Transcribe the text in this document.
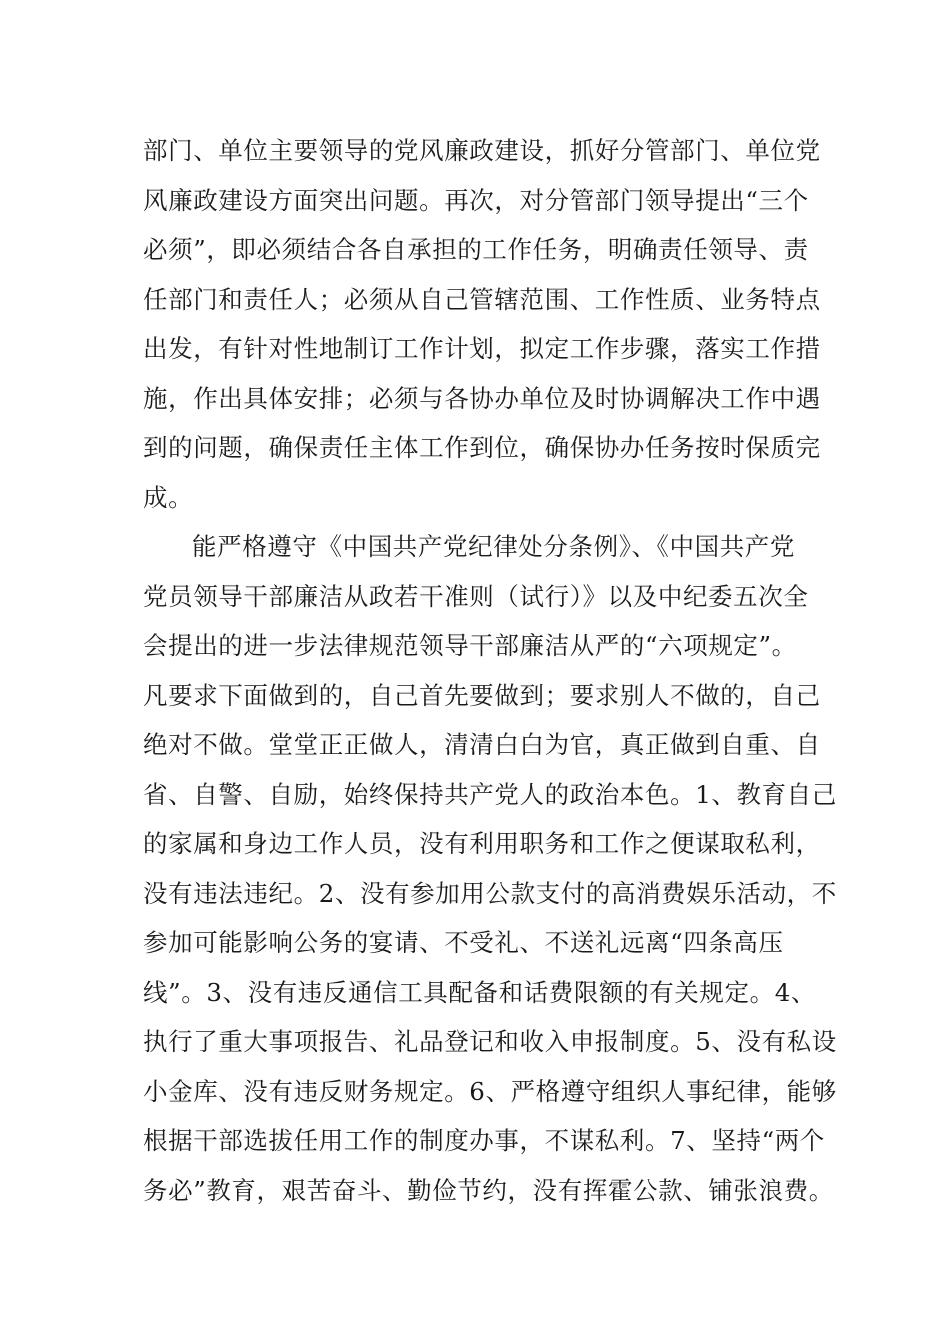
部门、单位主要领导的党风廉政建设，抓好分管部门、单位党
风廉政建设方面突出问题。再次，对分管部门领导提出“三个
必须”，即必须结合各自承担的工作任务，明确责任领导、责
任部门和责任人；必须从自己管辖范围、工作性质、业务特点
出发，有针对性地制订工作计划，拟定工作步骤，落实工作措
施，作出具体安排；必须与各协办单位及时协调解决工作中遇
到的问题，确保责任主体工作到位，确保协办任务按时保质完
成。
能严格遵守《中国共产党纪律处分条例》、《中国共产党
党员领导干部廉洁从政若干准则（试行）》以及中纪委五次全
会提出的进一步法律规范领导干部廉洁从严的“六项规定”。
凡要求下面做到的，自己首先要做到；要求别人不做的，自己
绝对不做。堂堂正正做人，清清白白为官，真正做到自重、自
省、自警、自励，始终保持共产党人的政治本色。1、教育自己
的家属和身边工作人员，没有利用职务和工作之便谋取私利，
没有违法违纪。2、没有参加用公款支付的高消费娱乐活动，不
参加可能影响公务的宴请、不受礼、不送礼远离“四条高压
线”。3、没有违反通信工具配备和话费限额的有关规定。4、
执行了重大事项报告、礼品登记和收入申报制度。5、没有私设
小金库、没有违反财务规定。6、严格遵守组织人事纪律，能够
根据干部选拔任用工作的制度办事，不谋私利。7、坚持“两个
务必”教育，艰苦奋斗、勤俭节约，没有挥霍公款、铺张浪费。
